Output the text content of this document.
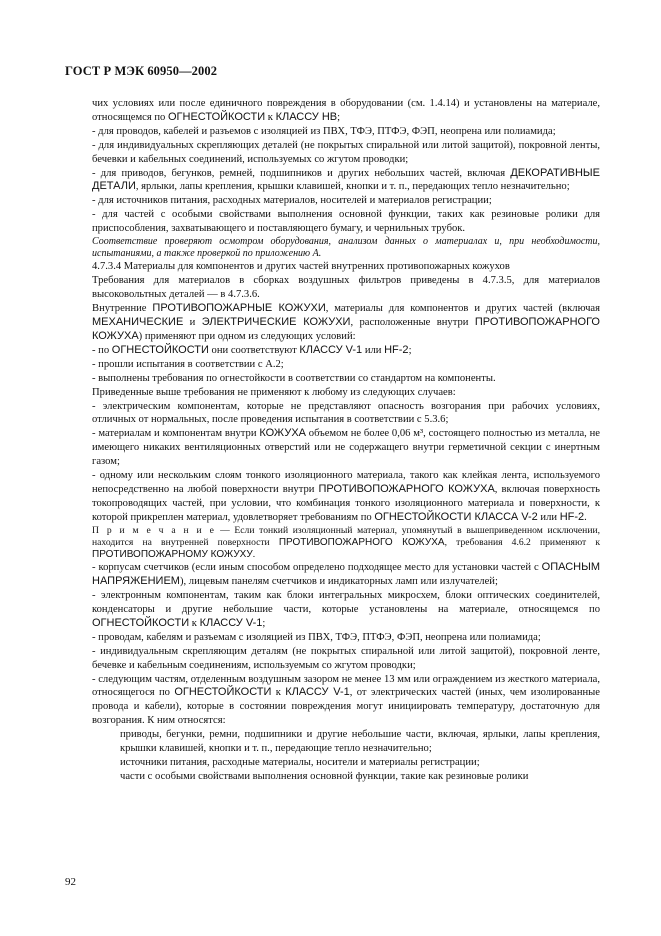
ГОСТ Р МЭК 60950—2002

чих условиях или после единичного повреждения в оборудовании (см. 1.4.14) и установлены на материале, относящемся по ОГНЕСТОЙКОСТИ к КЛАССУ HB;

- для проводов, кабелей и разъемов с изоляцией из ПВХ, ТФЭ, ПТФЭ, ФЭП, неопрена или полиамида;

- для индивидуальных скрепляющих деталей (не покрытых спиральной или литой защитой), покровной ленты, бечевки и кабельных соединений, используемых со жгутом проводки;

- для приводов, бегунков, ремней, подшипников и других небольших частей, включая ДЕКОРАТИВНЫЕ ДЕТАЛИ, ярлыки, лапы крепления, крышки клавишей, кнопки и т. п., передающих тепло незначительно;

- для источников питания, расходных материалов, носителей и материалов регистрации;

- для частей с особыми свойствами выполнения основной функции, таких как резиновые ролики для приспособления, захватывающего и поставляющего бумагу, и чернильных трубок.

Соответствие проверяют осмотром оборудования, анализом данных о материалах и, при необходимости, испытаниями, а также проверкой по приложению А.

4.7.3.4 Материалы для компонентов и других частей внутренних противопожарных кожухов

Требования для материалов в сборках воздушных фильтров приведены в 4.7.3.5, для материалов высоковольтных деталей — в 4.7.3.6.

Внутренние ПРОТИВОПОЖАРНЫЕ КОЖУХИ, материалы для компонентов и других частей (включая МЕХАНИЧЕСКИЕ и ЭЛЕКТРИЧЕСКИЕ КОЖУХИ, расположенные внутри ПРОТИВОПОЖАРНОГО КОЖУХА) применяют при одном из следующих условий:

- по ОГНЕСТОЙКОСТИ они соответствуют КЛАССУ V-1 или HF-2;

- прошли испытания в соответствии с А.2;

- выполнены требования по огнестойкости в соответствии со стандартом на компоненты.

Приведенные выше требования не применяют к любому из следующих случаев:

- электрическим компонентам, которые не представляют опасность возгорания при рабочих условиях, отличных от нормальных, после проведения испытания в соответствии с 5.3.6;

- материалам и компонентам внутри КОЖУХА объемом не более 0,06 м³, состоящего полностью из металла, не имеющего никаких вентиляционных отверстий или не содержащего внутри герметичной секции с инертным газом;

- одному или нескольким слоям тонкого изоляционного материала, такого как клейкая лента, используемого непосредственно на любой поверхности внутри ПРОТИВОПОЖАРНОГО КОЖУХА, включая поверхность токопроводящих частей, при условии, что комбинация тонкого изоляционного материала и поверхности, к которой прикреплен материал, удовлетворяет требованиям по ОГНЕСТОЙКОСТИ КЛАССА V-2 или HF-2.

П р и м е ч а н и е — Если тонкий изоляционный материал, упомянутый в вышеприведенном исключении, находится на внутренней поверхности ПРОТИВОПОЖАРНОГО КОЖУХА, требования 4.6.2 применяют к ПРОТИВОПОЖАРНОМУ КОЖУХУ.

- корпусам счетчиков (если иным способом определено подходящее место для установки частей с ОПАСНЫМ НАПРЯЖЕНИЕМ), лицевым панелям счетчиков и индикаторных ламп или излучателей;

- электронным компонентам, таким как блоки интегральных микросхем, блоки оптических соединителей, конденсаторы и другие небольшие части, которые установлены на материале, относящемся по ОГНЕСТОЙКОСТИ к КЛАССУ V-1;

- проводам, кабелям и разъемам с изоляцией из ПВХ, ТФЭ, ПТФЭ, ФЭП, неопрена или полиамида;

- индивидуальным скрепляющим деталям (не покрытых спиральной или литой защитой), покровной ленте, бечевке и кабельным соединениям, используемым со жгутом проводки;

- следующим частям, отделенным воздушным зазором не менее 13 мм или ограждением из жесткого материала, относящегося по ОГНЕСТОЙКОСТИ к КЛАССУ V-1, от электрических частей (иных, чем изолированные провода и кабели), которые в состоянии повреждения могут инициировать температуру, достаточную для возгорания. К ним относятся:

приводы, бегунки, ремни, подшипники и другие небольшие части, включая, ярлыки, лапы крепления, крышки клавишей, кнопки и т. п., передающие тепло незначительно;

источники питания, расходные материалы, носители и материалы регистрации;

части с особыми свойствами выполнения основной функции, такие как резиновые ролики

92
